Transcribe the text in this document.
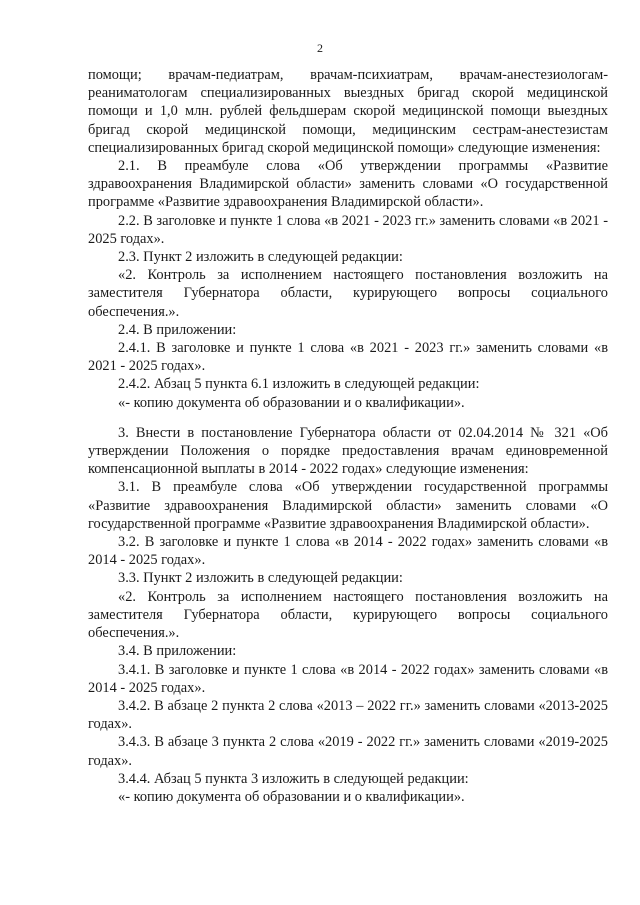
2

помощи; врачам-педиатрам, врачам-психиатрам, врачам-анестезиологам-реаниматологам специализированных выездных бригад скорой медицинской помощи и 1,0 млн. рублей фельдшерам скорой медицинской помощи выездных бригад скорой медицинской помощи, медицинским сестрам-анестезистам специализированных бригад скорой медицинской помощи» следующие изменения:

2.1. В преамбуле слова «Об утверждении программы «Развитие здравоохранения Владимирской области» заменить словами «О государственной программе «Развитие здравоохранения Владимирской области».

2.2. В заголовке и пункте 1 слова «в 2021 - 2023 гг.» заменить словами «в 2021 - 2025 годах».

2.3. Пункт 2 изложить в следующей редакции:

«2. Контроль за исполнением настоящего постановления возложить на заместителя Губернатора области, курирующего вопросы социального обеспечения.».

2.4. В приложении:

2.4.1. В заголовке и пункте 1 слова «в 2021 - 2023 гг.» заменить словами «в 2021 - 2025 годах».

2.4.2. Абзац 5 пункта 6.1 изложить в следующей редакции:

«- копию документа об образовании и о квалификации».

3. Внести в постановление Губернатора области от 02.04.2014 № 321 «Об утверждении Положения о порядке предоставления врачам единовременной компенсационной выплаты в 2014 - 2022 годах» следующие изменения:

3.1. В преамбуле слова «Об утверждении государственной программы «Развитие здравоохранения Владимирской области» заменить словами «О государственной программе «Развитие здравоохранения Владимирской области».

3.2. В заголовке и пункте 1 слова «в 2014 - 2022 годах» заменить словами «в 2014 - 2025 годах».

3.3. Пункт 2 изложить в следующей редакции:

«2. Контроль за исполнением настоящего постановления возложить на заместителя Губернатора области, курирующего вопросы социального обеспечения.».

3.4. В приложении:

3.4.1. В заголовке и пункте 1 слова «в 2014 - 2022 годах» заменить словами «в 2014 - 2025 годах».

3.4.2. В абзаце 2 пункта 2 слова «2013 – 2022 гг.» заменить словами «2013-2025 годах».

3.4.3. В абзаце 3 пункта 2 слова «2019 - 2022 гг.» заменить словами «2019-2025 годах».

3.4.4. Абзац 5 пункта 3 изложить в следующей редакции:

«- копию документа об образовании и о квалификации».
